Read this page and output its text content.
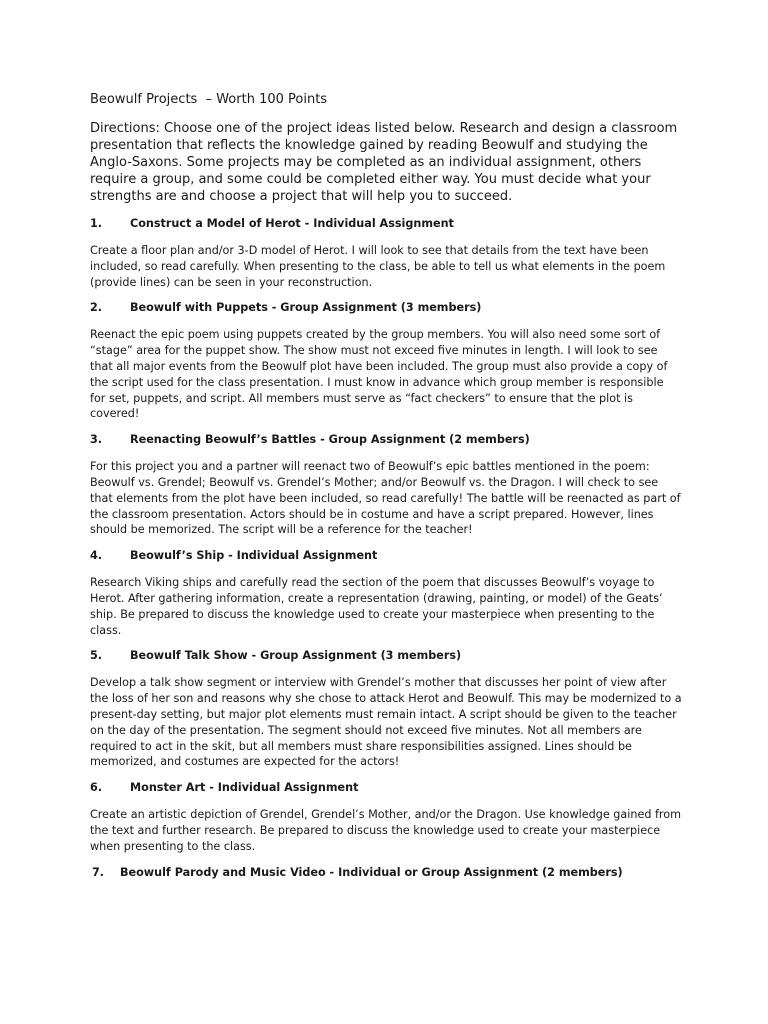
Beowulf Projects  – Worth 100 Points
Directions: Choose one of the project ideas listed below. Research and design a classroom presentation that reflects the knowledge gained by reading Beowulf and studying the Anglo-Saxons. Some projects may be completed as an individual assignment, others require a group, and some could be completed either way. You must decide what your strengths are and choose a project that will help you to succeed.
1.	Construct a Model of Herot - Individual Assignment
Create a floor plan and/or 3-D model of Herot. I will look to see that details from the text have been included, so read carefully. When presenting to the class, be able to tell us what elements in the poem (provide lines) can be seen in your reconstruction.
2.	Beowulf with Puppets - Group Assignment (3 members)
Reenact the epic poem using puppets created by the group members. You will also need some sort of “stage” area for the puppet show. The show must not exceed five minutes in length. I will look to see that all major events from the Beowulf plot have been included. The group must also provide a copy of the script used for the class presentation. I must know in advance which group member is responsible for set, puppets, and script. All members must serve as “fact checkers” to ensure that the plot is covered!
3.	Reenacting Beowulf’s Battles - Group Assignment (2 members)
For this project you and a partner will reenact two of Beowulf’s epic battles mentioned in the poem: Beowulf vs. Grendel; Beowulf vs. Grendel’s Mother; and/or Beowulf vs. the Dragon. I will check to see that elements from the plot have been included, so read carefully! The battle will be reenacted as part of the classroom presentation. Actors should be in costume and have a script prepared. However, lines should be memorized. The script will be a reference for the teacher!
4.	Beowulf’s Ship - Individual Assignment
Research Viking ships and carefully read the section of the poem that discusses Beowulf’s voyage to Herot. After gathering information, create a representation (drawing, painting, or model) of the Geats’ ship. Be prepared to discuss the knowledge used to create your masterpiece when presenting to the class.
5.	Beowulf Talk Show - Group Assignment (3 members)
Develop a talk show segment or interview with Grendel’s mother that discusses her point of view after the loss of her son and reasons why she chose to attack Herot and Beowulf. This may be modernized to a present-day setting, but major plot elements must remain intact. A script should be given to the teacher on the day of the presentation. The segment should not exceed five minutes. Not all members are required to act in the skit, but all members must share responsibilities assigned. Lines should be memorized, and costumes are expected for the actors!
6.	Monster Art - Individual Assignment
Create an artistic depiction of Grendel, Grendel’s Mother, and/or the Dragon. Use knowledge gained from the text and further research. Be prepared to discuss the knowledge used to create your masterpiece when presenting to the class.
7.	Beowulf Parody and Music Video - Individual or Group Assignment (2 members)
